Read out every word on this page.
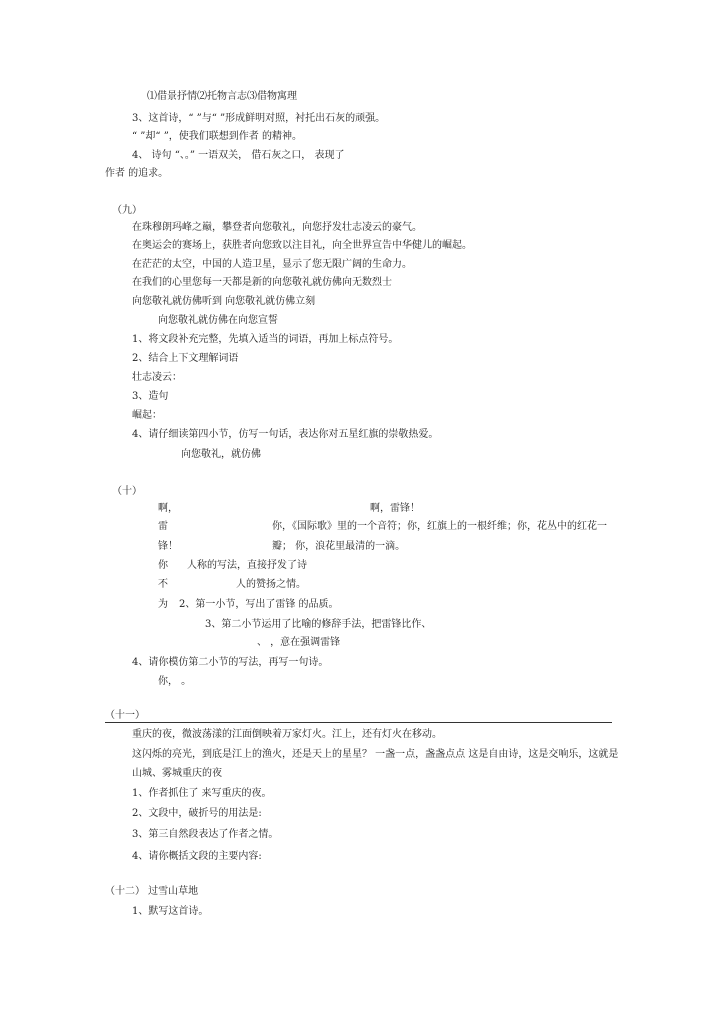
⑴借景抒情⑵托物言志⑶借物寓理
3、这首诗，“ ”与“ ”形成鲜明对照，衬托出石灰的顽强。
“ ”却“ ”，使我们联想到作者 的精神。
4、 诗句 “、。” 一语双关， 借石灰之口， 表现了
作者 的追求。
（九）
在珠穆朗玛峰之巅，攀登者向您敬礼，向您抒发壮志凌云的豪气。
在奥运会的赛场上，获胜者向您致以注目礼，向全世界宣告中华健儿的崛起。
在茫茫的太空，中国的人造卫星，显示了您无限广阔的生命力。
在我们的心里您每一天都是新的向您敬礼就仿佛向无数烈士
向您敬礼就仿佛听到 向您敬礼就仿佛立刻
向您敬礼就仿佛在向您宣誓
1、将文段补充完整，先填入适当的词语，再加上标点符号。
2、结合上下文理解词语
壮志凌云：
3、造句
崛起：
4、请仔细读第四小节，仿写一句话，表达你对五星红旗的崇敬热爱。
向您敬礼，就仿佛
（十）
啊，	啊，雷锋！
雷	你，《国际歌》里的一个音符；你，红旗上的一根纤维；你，花丛中的红花一
锋！	瓣； 你，浪花里最清的一滴。
你 人称的写法，直接抒发了诗
不	人的赞扬之情。
为 2、第一小节，写出了雷锋 的品质。
3、第二小节运用了比喻的修辞手法，把雷锋比作、
、 ，意在强调雷锋
4、请你模仿第二小节的写法，再写一句诗。
你， 。
（十一）
重庆的夜，微波荡漾的江面倒映着万家灯火。江上，还有灯火在移动。
这闪烁的亮光，到底是江上的渔火，还是天上的星星？ 一盏一点，盏盏点点 这是自由诗，这是交响乐，这就是
山城、雾城重庆的夜
1、作者抓住了 来写重庆的夜。
2、文段中，破折号的用法是:
3、第三自然段表达了作者之情。
4、请你概括文段的主要内容:
（十二） 过雪山草地
1、默写这首诗。
